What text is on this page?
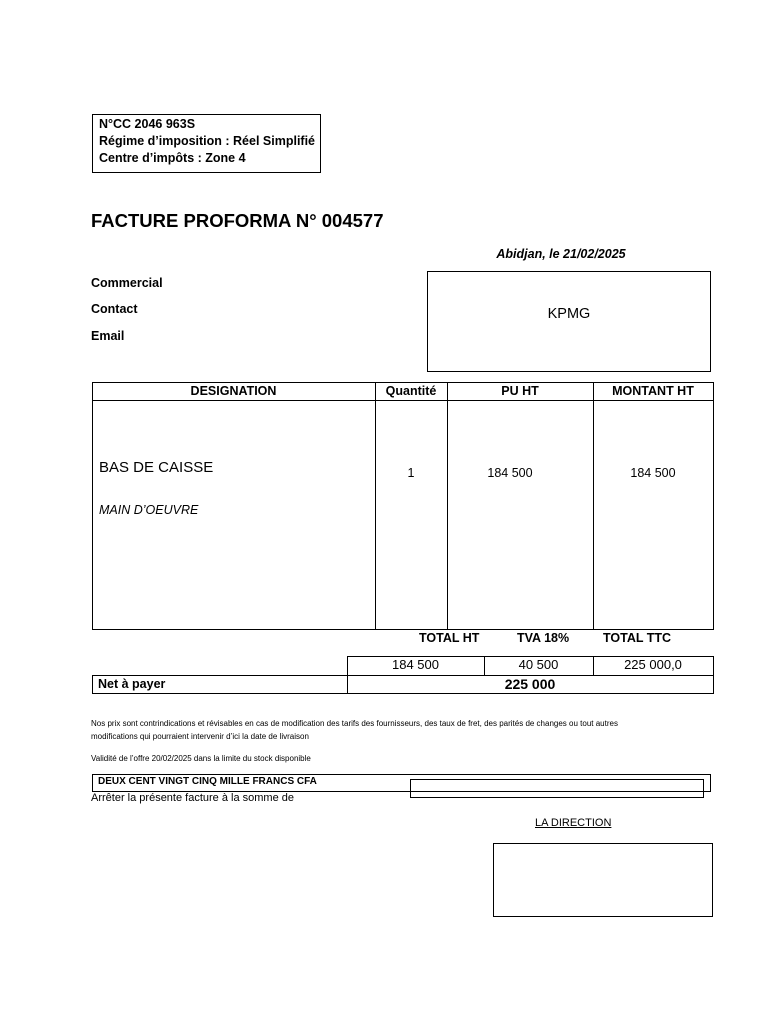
N°CC 2046 963S
Régime d’imposition : Réel Simplifié
Centre d’impôts : Zone 4
FACTURE PROFORMA N° 004577
Abidjan, le 21/02/2025
Commercial
Contact
Email
KPMG
DESIGNATION	Quantité	PU HT	MONTANT HT
BAS DE CAISSE
MAIN D’OEUVRE
1	184 500	184 500
TOTAL HT	TVA 18%	TOTAL TTC
184 500	40 500	225 000,0
Net à payer	225 000
Nos prix sont contrindications et révisables en cas de modification des tarifs des fournisseurs, des taux de fret, des parités de changes ou tout autres
modifications qui pourraient intervenir d’ici la date de livraison
Validité de l’offre 20/02/2025 dans la limite du stock disponible
DEUX CENT VINGT CINQ MILLE FRANCS CFA
Arrêter la présente facture à la somme de
LA DIRECTION
